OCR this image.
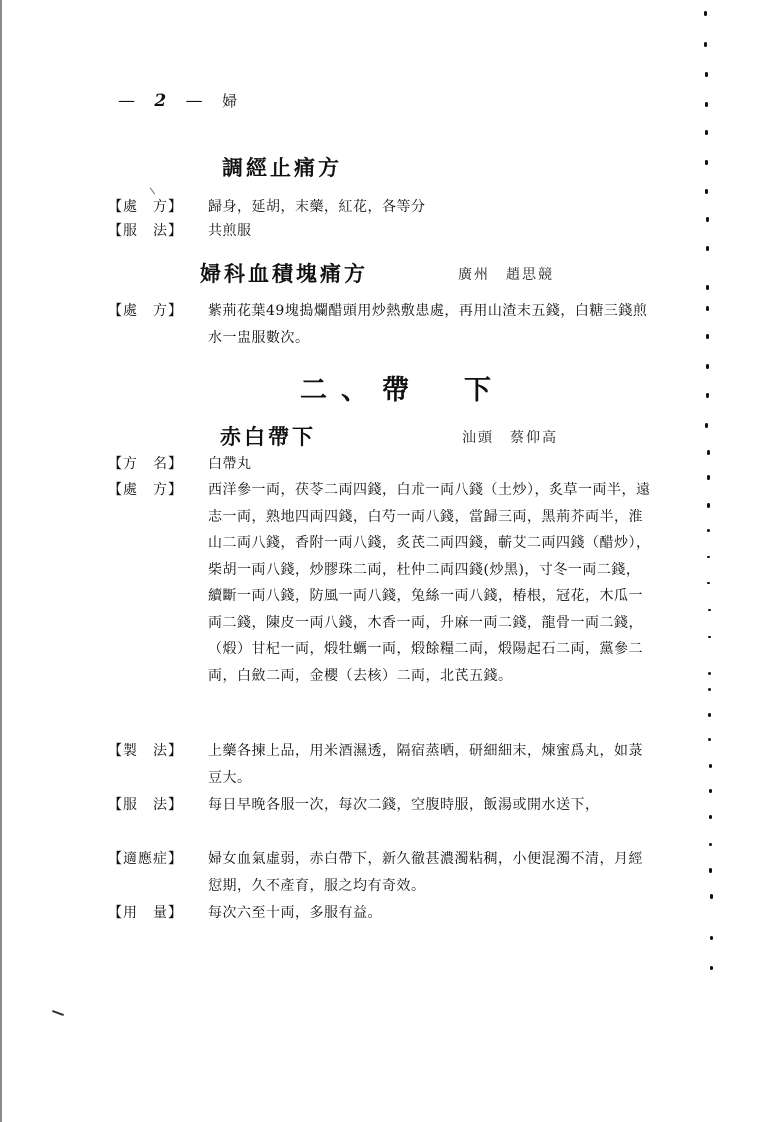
— 2 — 婦
調經止痛方
【處　方】	歸身，延胡，末藥，紅花，各等分
【服　法】	共煎服
婦科血積塊痛方	廣州　趙思競
【處　方】	紫荊花葉49塊搗爛醋頭用炒熱敷患處，再用山渣末五錢，白糖三錢煎水一盅服數次。
二、帶　下
赤白帶下	汕頭　蔡仰高
【方　名】	白帶丸
【處　方】	西洋參一両，茯苓二両四錢，白朮一両八錢（土炒），炙草一両半，遠志一両，熟地四両四錢，白芍一両八錢，當歸三両，黑荊芥両半，淮山二両八錢，香附一両八錢，炙芪二両四錢，蘄艾二両四錢（醋炒），柴胡一両八錢，炒膠珠二両，杜仲二両四錢(炒黑)，寸冬一両二錢，續斷一両八錢，防風一両八錢，兔絲一両八錢，椿根，冠花，木瓜一両二錢，陳皮一両八錢，木香一両，升麻一両二錢，龍骨一両二錢，（煅）甘杞一両，煅牡蠣一両，煅餘糧二両，煅陽起石二両，黨參二両，白斂二両，金櫻（去核）二両，北芪五錢。
【製　法】	上藥各揀上品，用米酒濕透，隔宿蒸晒，研細細末，煉蜜爲丸，如菉豆大。
【服　法】	每日早晚各服一次，每次二錢，空腹時服，飯湯或開水送下，
【適應症】	婦女血氣虛弱，赤白帶下，新久徹甚濃濁粘稠，小便混濁不清，月經愆期，久不產育，服之均有奇效。
【用　量】	每次六至十両，多服有益。
